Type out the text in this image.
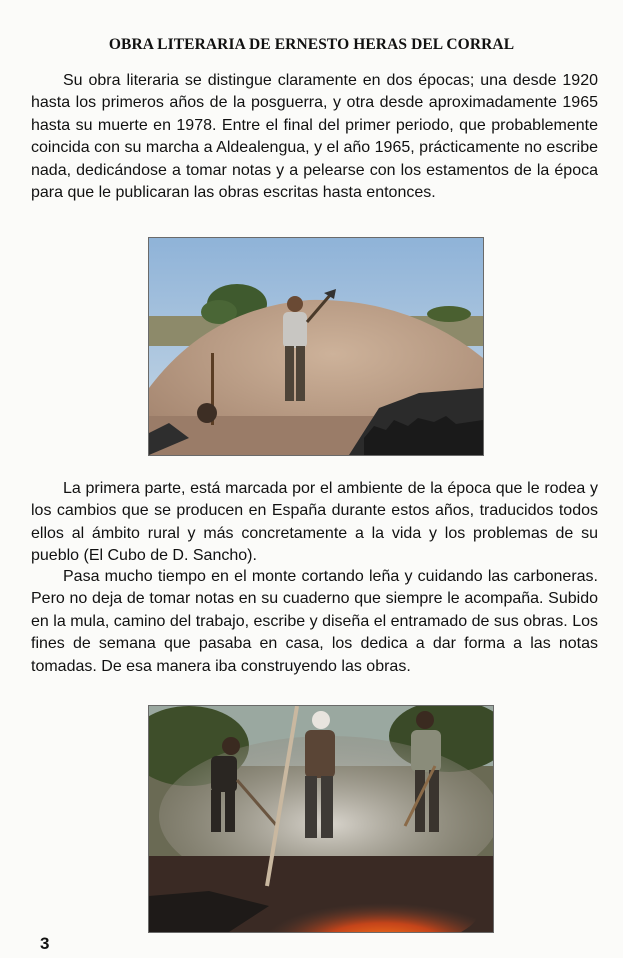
OBRA LITERARIA DE ERNESTO HERAS DEL CORRAL

Su obra literaria se distingue claramente en dos épocas; una desde 1920 hasta los primeros años de la posguerra, y otra desde aproximadamente 1965 hasta su muerte en 1978. Entre el final del primer periodo, que probablemente coincida con su marcha a Aldealengua, y el año 1965, prácticamente no escribe nada, dedicándose a tomar notas y a pelearse con los estamentos de la época para que le publicaran las obras escritas hasta entonces.

La primera parte, está marcada por el ambiente de la época que le rodea y los cambios que se producen en España durante estos años, traducidos todos ellos al ámbito rural y más concretamente a la vida y los problemas de su pueblo (El Cubo de D. Sancho).

Pasa mucho tiempo en el monte cortando leña y cuidando las carboneras. Pero no deja de tomar notas en su cuaderno que siempre le acompaña. Subido en la mula, camino del trabajo, escribe y diseña el entramado de sus obras. Los fines de semana que pasaba en casa, los dedica a dar forma a las notas tomadas. De esa manera iba construyendo las obras.

3
